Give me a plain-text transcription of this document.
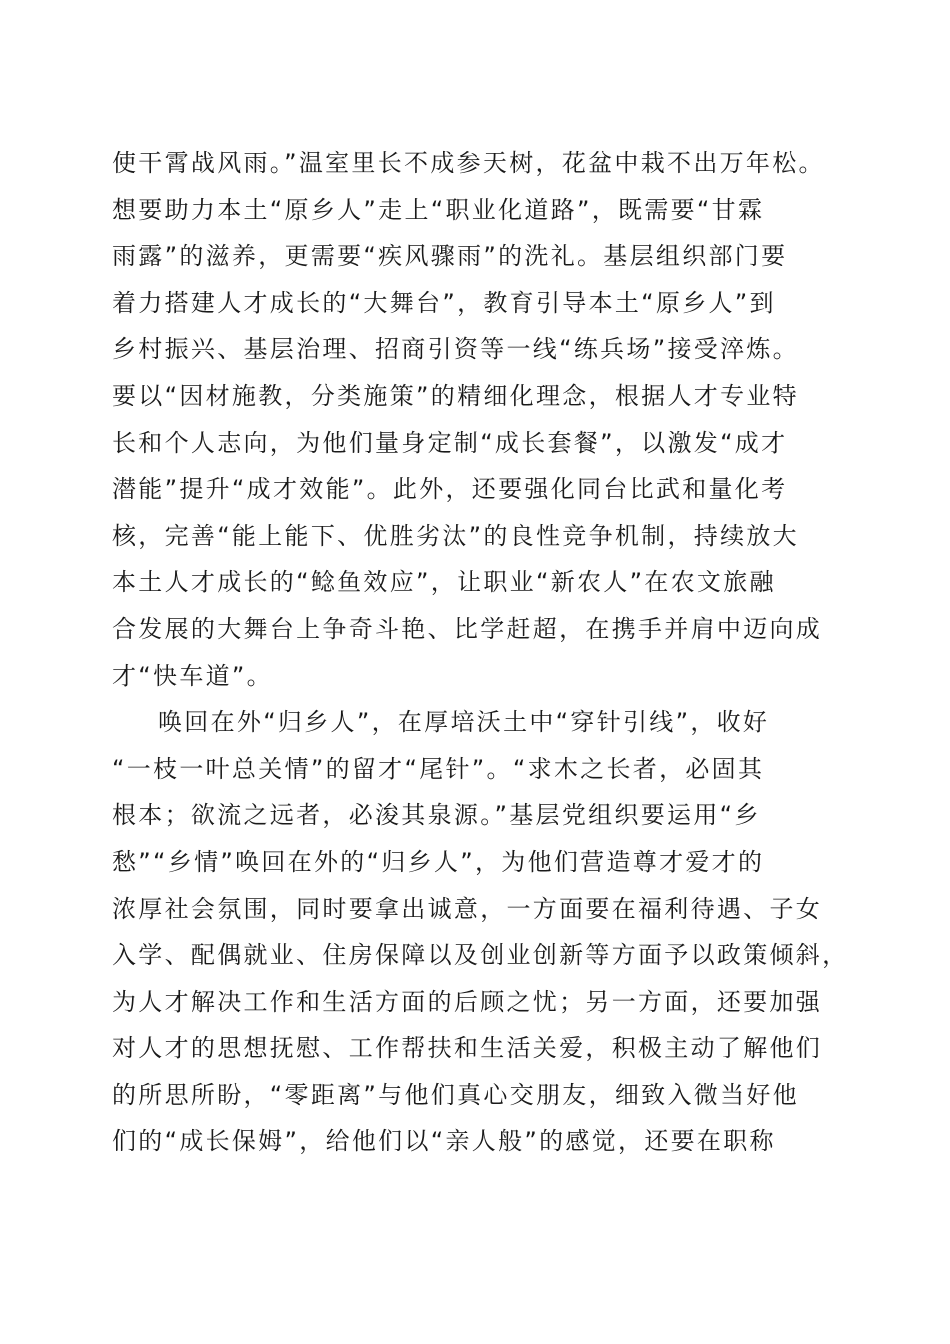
使干霄战风雨。”温室里长不成参天树，花盆中栽不出万年松。
想要助力本土“原乡人”走上“职业化道路”，既需要“甘霖
雨露”的滋养，更需要“疾风骤雨”的洗礼。基层组织部门要
着力搭建人才成长的“大舞台”，教育引导本土“原乡人”到
乡村振兴、基层治理、招商引资等一线“练兵场”接受淬炼。
要以“因材施教，分类施策”的精细化理念，根据人才专业特
长和个人志向，为他们量身定制“成长套餐”，以激发“成才
潜能”提升“成才效能”。此外，还要强化同台比武和量化考
核，完善“能上能下、优胜劣汰”的良性竞争机制，持续放大
本土人才成长的“鲶鱼效应”，让职业“新农人”在农文旅融
合发展的大舞台上争奇斗艳、比学赶超，在携手并肩中迈向成
才“快车道”。
唤回在外“归乡人”，在厚培沃土中“穿针引线”，收好
“一枝一叶总关情”的留才“尾针”。“求木之长者，必固其
根本；欲流之远者，必浚其泉源。”基层党组织要运用“乡
愁”“乡情”唤回在外的“归乡人”，为他们营造尊才爱才的
浓厚社会氛围，同时要拿出诚意，一方面要在福利待遇、子女
入学、配偶就业、住房保障以及创业创新等方面予以政策倾斜，
为人才解决工作和生活方面的后顾之忧；另一方面，还要加强
对人才的思想抚慰、工作帮扶和生活关爱，积极主动了解他们
的所思所盼，“零距离”与他们真心交朋友，细致入微当好他
们的“成长保姆”，给他们以“亲人般”的感觉，还要在职称
